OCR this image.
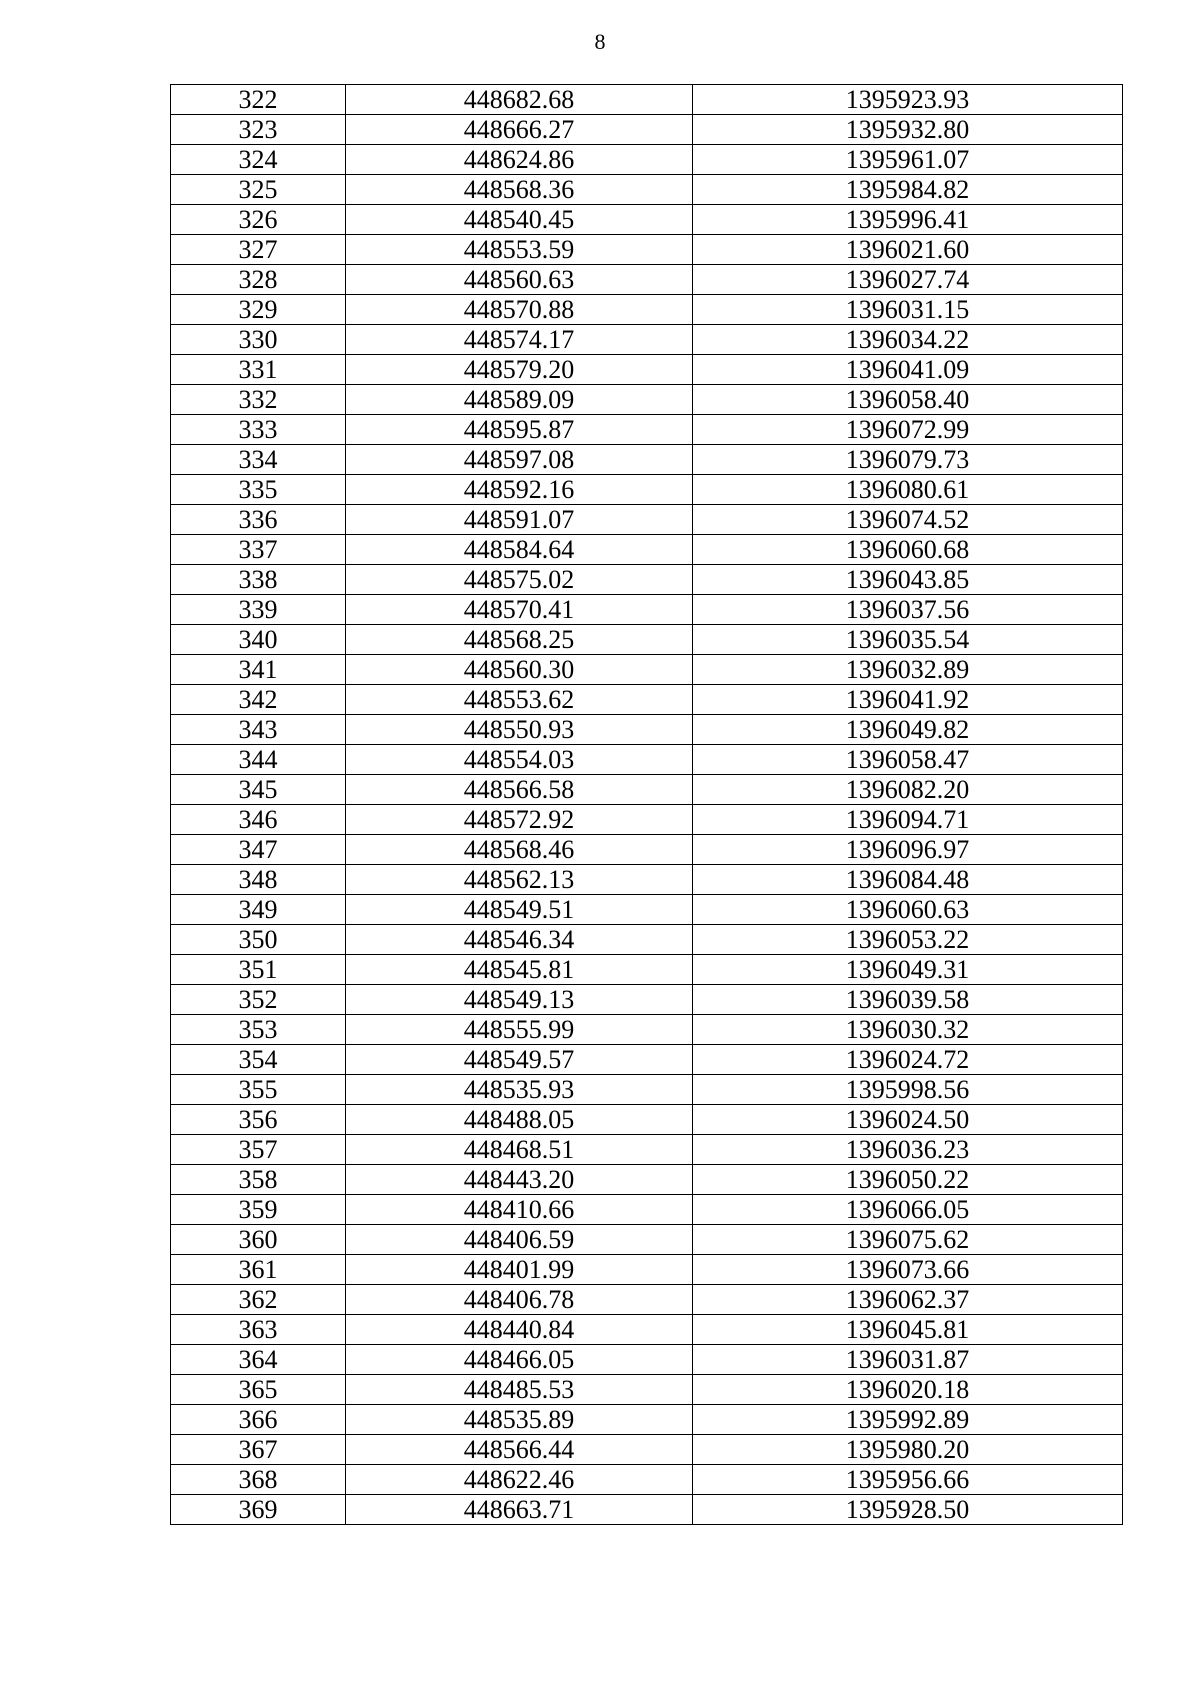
8
322	448682.68	1395923.93
323	448666.27	1395932.80
324	448624.86	1395961.07
325	448568.36	1395984.82
326	448540.45	1395996.41
327	448553.59	1396021.60
328	448560.63	1396027.74
329	448570.88	1396031.15
330	448574.17	1396034.22
331	448579.20	1396041.09
332	448589.09	1396058.40
333	448595.87	1396072.99
334	448597.08	1396079.73
335	448592.16	1396080.61
336	448591.07	1396074.52
337	448584.64	1396060.68
338	448575.02	1396043.85
339	448570.41	1396037.56
340	448568.25	1396035.54
341	448560.30	1396032.89
342	448553.62	1396041.92
343	448550.93	1396049.82
344	448554.03	1396058.47
345	448566.58	1396082.20
346	448572.92	1396094.71
347	448568.46	1396096.97
348	448562.13	1396084.48
349	448549.51	1396060.63
350	448546.34	1396053.22
351	448545.81	1396049.31
352	448549.13	1396039.58
353	448555.99	1396030.32
354	448549.57	1396024.72
355	448535.93	1395998.56
356	448488.05	1396024.50
357	448468.51	1396036.23
358	448443.20	1396050.22
359	448410.66	1396066.05
360	448406.59	1396075.62
361	448401.99	1396073.66
362	448406.78	1396062.37
363	448440.84	1396045.81
364	448466.05	1396031.87
365	448485.53	1396020.18
366	448535.89	1395992.89
367	448566.44	1395980.20
368	448622.46	1395956.66
369	448663.71	1395928.50
